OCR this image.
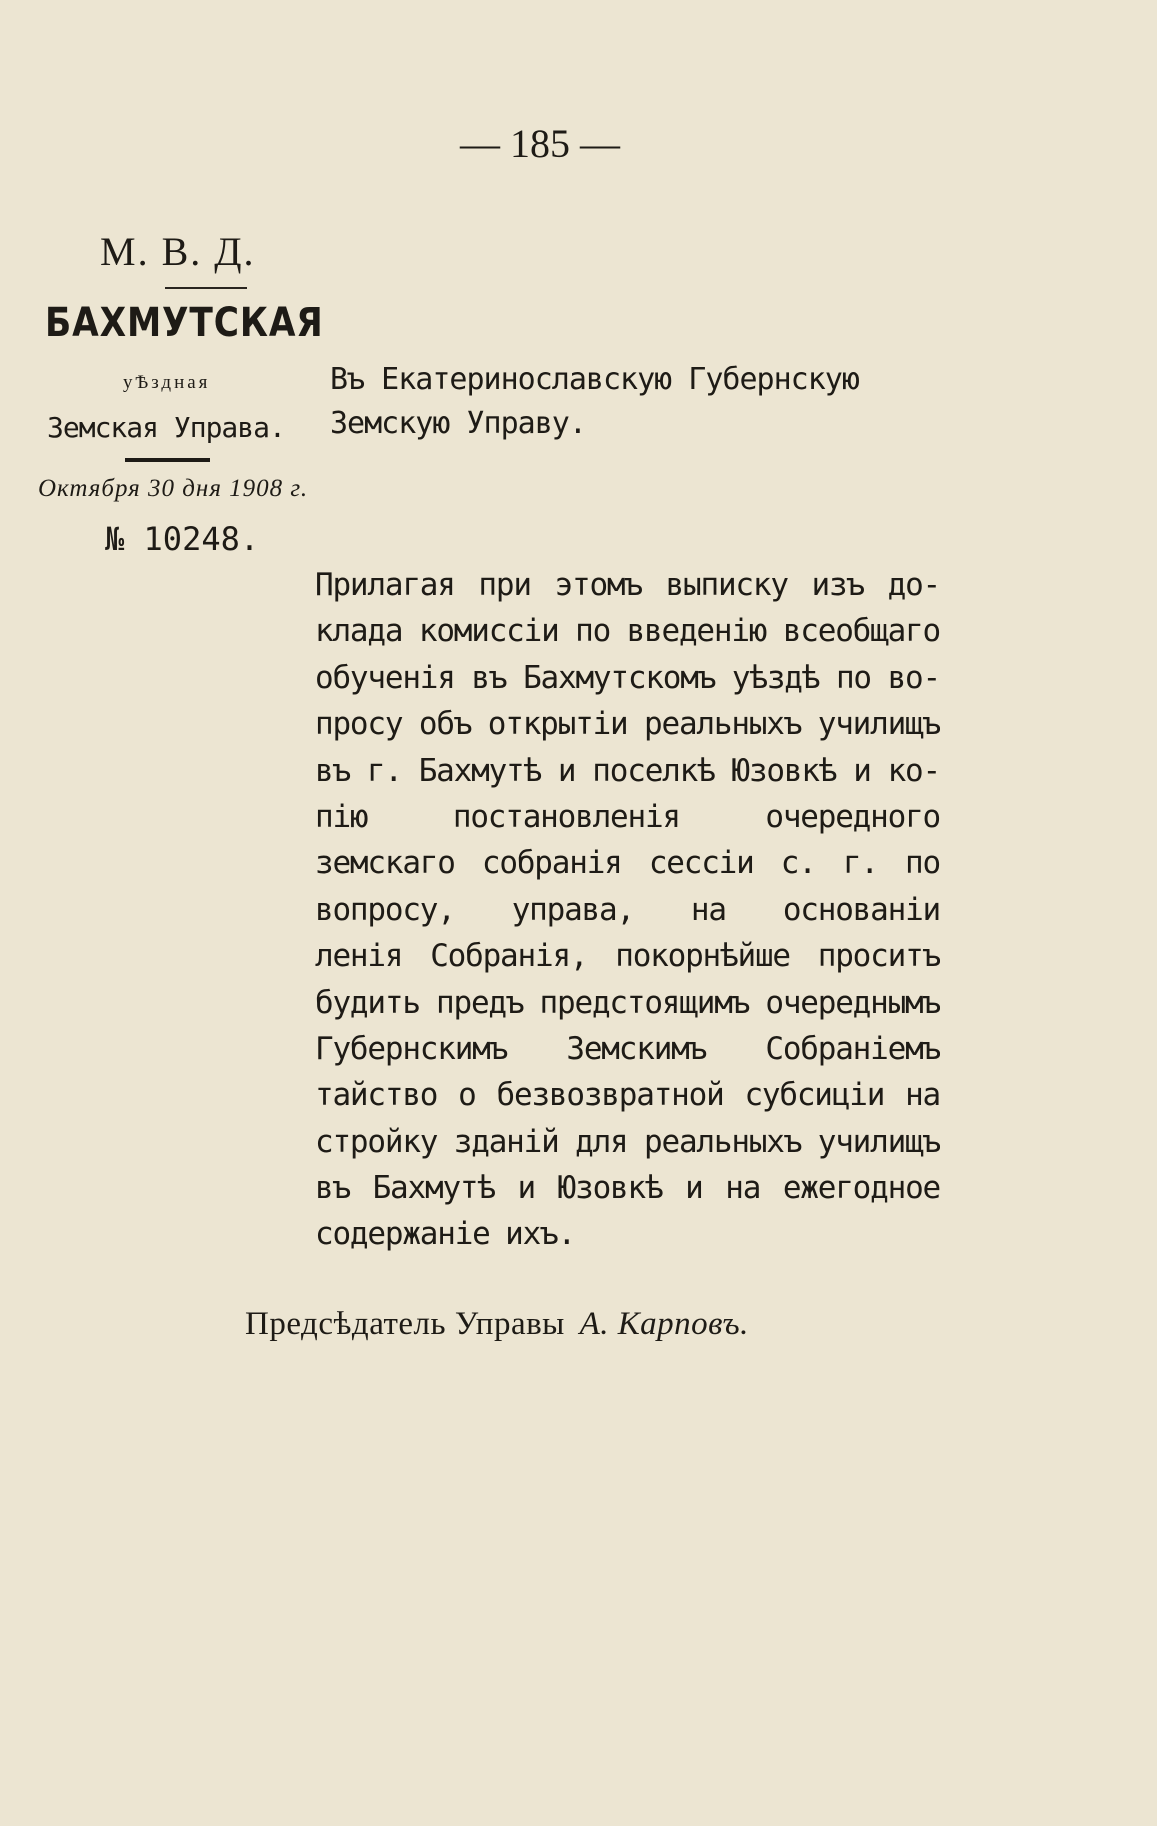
— 185 —
М. В. Д.
БАХМУТСКАЯ
уѢздная
Земская Управа.
Октября 30 дня 1908 г.
№ 10248.
Въ Екатеринославскую Губернскую
Земскую Управу.
Прилагая при этомъ выписку изъ до-
клада комиссіи по введенію всеобщаго
обученія въ Бахмутскомъ уѣздѣ по во-
просу объ открытіи реальныхъ училищъ
въ г. Бахмутѣ и поселкѣ Юзовкѣ и ко-
пію постановленія очередного
земскаго собранія сессіи с. г. по
вопросу, управа, на основаніи
ленія Собранія, покорнѣйше проситъ
будить предъ предстоящимъ очереднымъ
Губернскимъ Земскимъ Собраніемъ
тайство о безвозвратной субсиціи на
стройку зданій для реальныхъ училищъ
въ Бахмутѣ и Юзовкѣ и на ежегодное
содержаніе ихъ.
Предсѣдатель Управы А. Карповъ.
